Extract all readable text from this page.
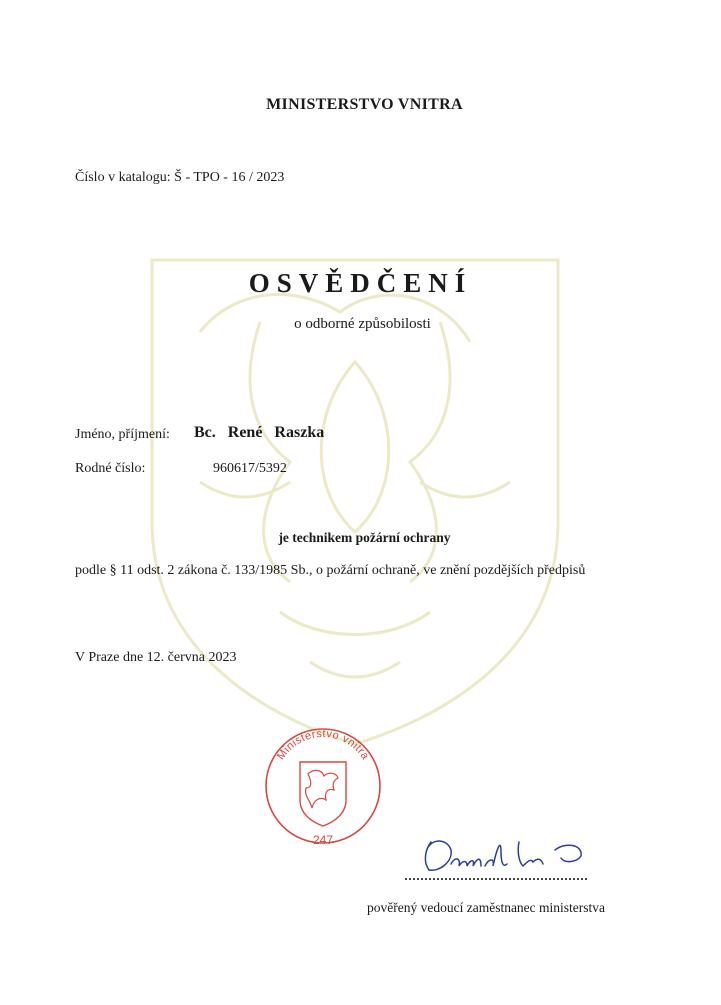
MINISTERSTVO VNITRA
Číslo v katalogu: Š - TPO - 16 / 2023
OSVĚDČENÍ
o odborné způsobilosti
Jméno, příjmení: Bc. René Raszka
Rodné číslo:	960617/5392
je technikem požární ochrany
podle § 11 odst. 2 zákona č. 133/1985 Sb., o požární ochraně, ve znění pozdějších předpisů
V Praze dne 12. června 2023
Ministerstvo vnitra
247
pověřený vedoucí zaměstnanec ministerstva
